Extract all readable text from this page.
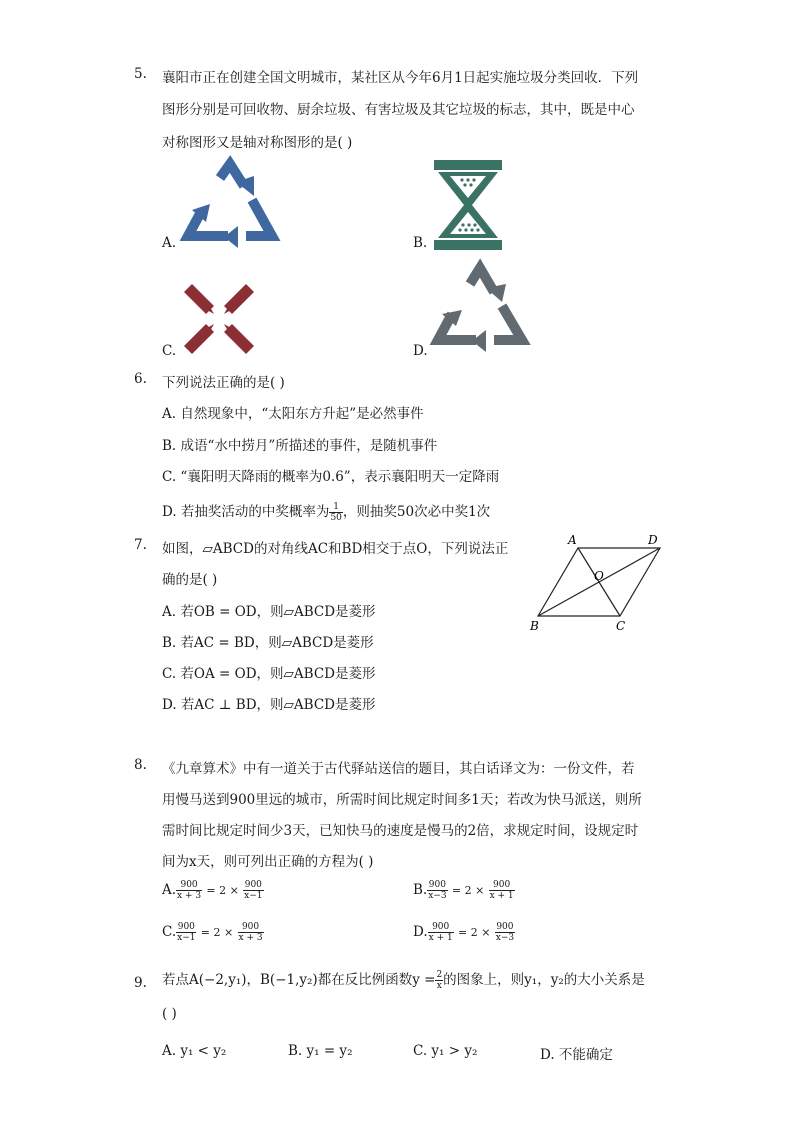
5. 襄阳市正在创建全国文明城市，某社区从今年6月1日起实施垃圾分类回收．下列
图形分别是可回收物、厨余垃圾、有害垃圾及其它垃圾的标志，其中，既是中心
对称图形又是轴对称图形的是( )
A.	B.
C.	D.
6. 下列说法正确的是( )
A. 自然现象中，“太阳东方升起”是必然事件
B. 成语“水中捞月”所描述的事件，是随机事件
C. “襄阳明天降雨的概率为0.6”，表示襄阳明天一定降雨
D. 若抽奖活动的中奖概率为 $\frac{1}{50}$ ，则抽奖50次必中奖1次
7. 如图，▱ABCD的对角线AC和BD相交于点O，下列说法正
确的是( )
A. 若OB = OD，则▱ABCD是菱形
B. 若AC = BD，则▱ABCD是菱形
C. 若OA = OD，则▱ABCD是菱形
D. 若AC ⊥ BD，则▱ABCD是菱形
A	D
B	C
O
8. 《九章算术》中有一道关于古代驿站送信的题目，其白话译文为：一份文件，若
用慢马送到900里远的城市，所需时间比规定时间多1天；若改为快马派送，则所
需时间比规定时间少3天，已知快马的速度是慢马的2倍，求规定时间，设规定时
间为x天，则可列出正确的方程为( )
A. $\frac{900}{x + 3} = 2 \times \frac{900}{x-1}$	B. $\frac{900}{x-3} = 2 \times \frac{900}{x + 1}$
C. $\frac{900}{x-1} = 2 \times \frac{900}{x + 3}$	D. $\frac{900}{x + 1} = 2 \times \frac{900}{x-3}$
9. 若点A(−2,y₁)，B(−1,y₂)都在反比例函数$y = \frac{2}{x}$ 的图象上，则y₁，y₂的大小关系是
( )
A. y₁ < y₂	B. y₁ = y₂	C. y₁ > y₂	D. 不能确定
